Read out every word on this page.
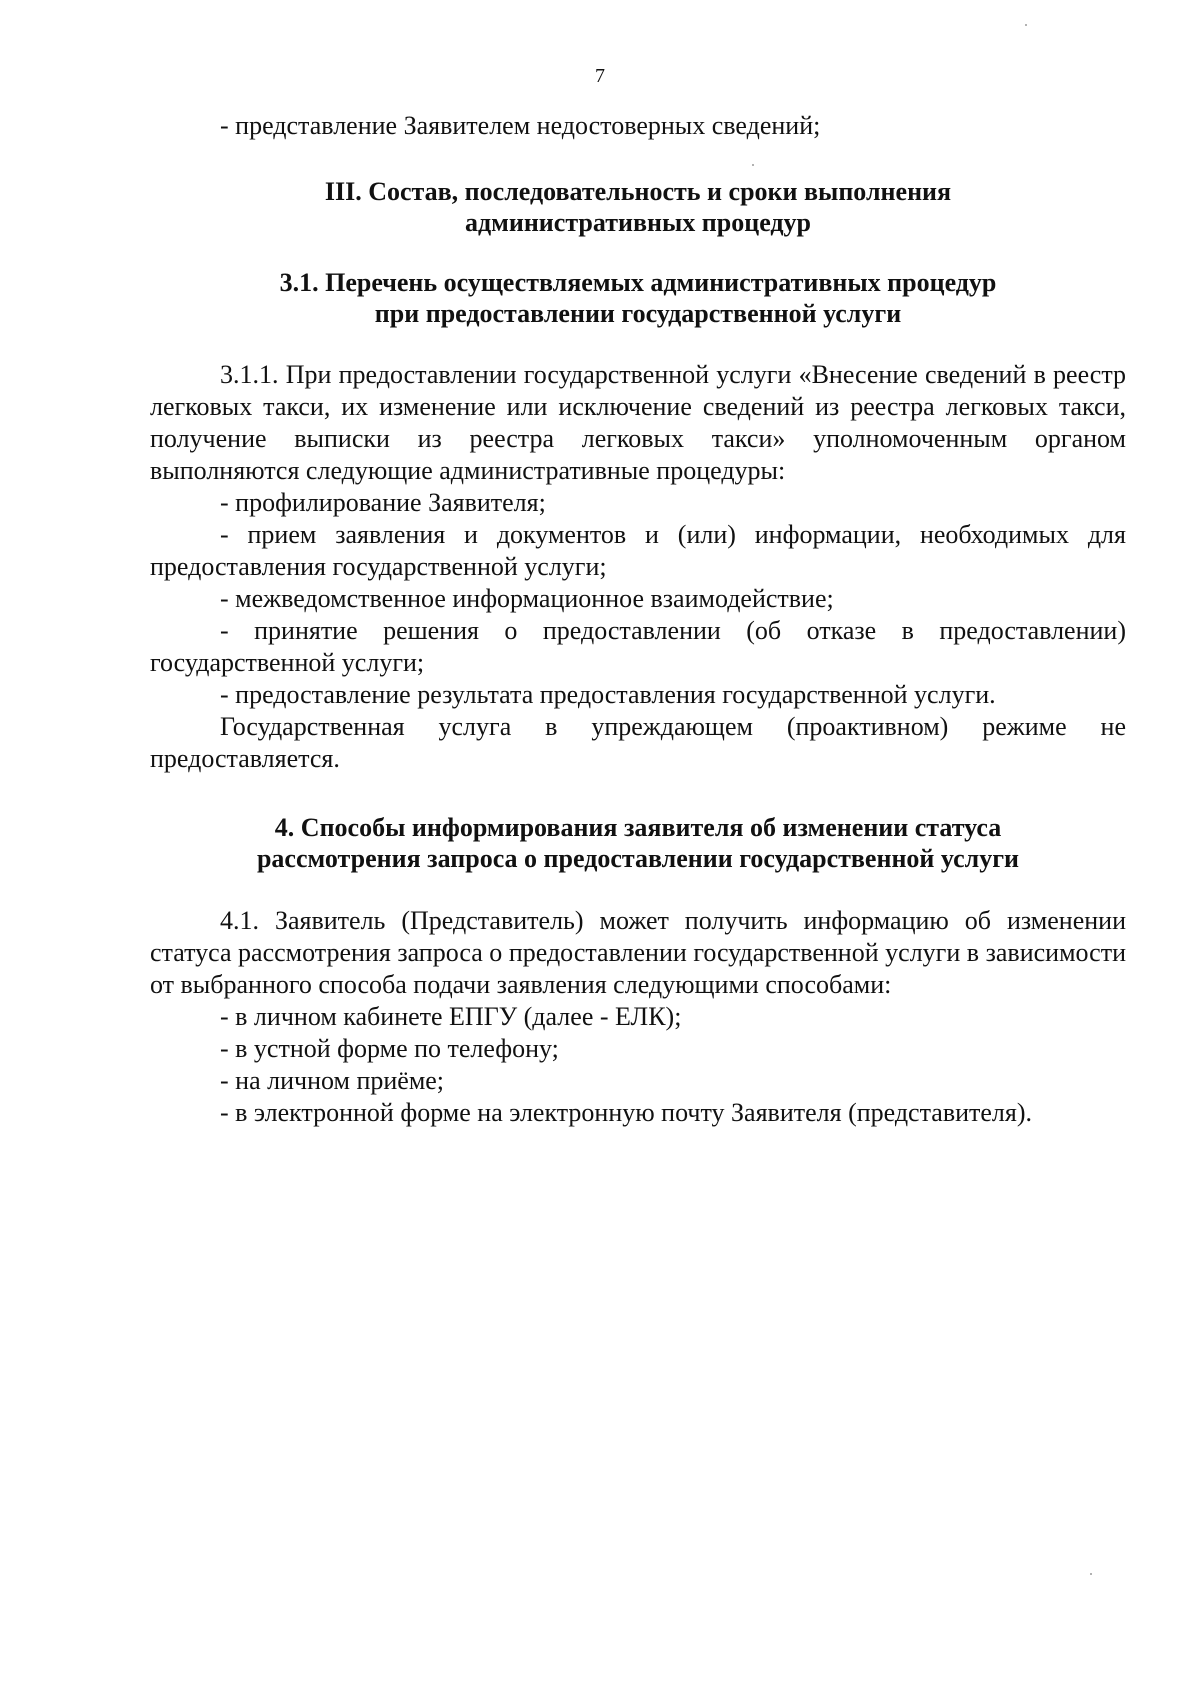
7

- представление Заявителем недостоверных сведений;

III. Состав, последовательность и сроки выполнения
административных процедур
3.1. Перечень осуществляемых административных процедур
при предоставлении государственной услуги

3.1.1. При предоставлении государственной услуги «Внесение сведений в реестр легковых такси, их изменение или исключение сведений из реестра легковых такси, получение выписки из реестра легковых такси» уполномоченным органом выполняются следующие административные процедуры:

- профилирование Заявителя;

- прием заявления и документов и (или) информации, необходимых для предоставления государственной услуги;

- межведомственное информационное взаимодействие;

- принятие решения о предоставлении (об отказе в предоставлении) государственной услуги;

- предоставление результата предоставления государственной услуги.

Государственная услуга в упреждающем (проактивном) режиме не предоставляется.

4. Способы информирования заявителя об изменении статуса
рассмотрения запроса о предоставлении государственной услуги

4.1. Заявитель (Представитель) может получить информацию об изменении статуса рассмотрения запроса о предоставлении государственной услуги в зависимости от выбранного способа подачи заявления следующими способами:

- в личном кабинете ЕПГУ (далее - ЕЛК);

- в устной форме по телефону;

- на личном приёме;

- в электронной форме на электронную почту Заявителя (представителя).
